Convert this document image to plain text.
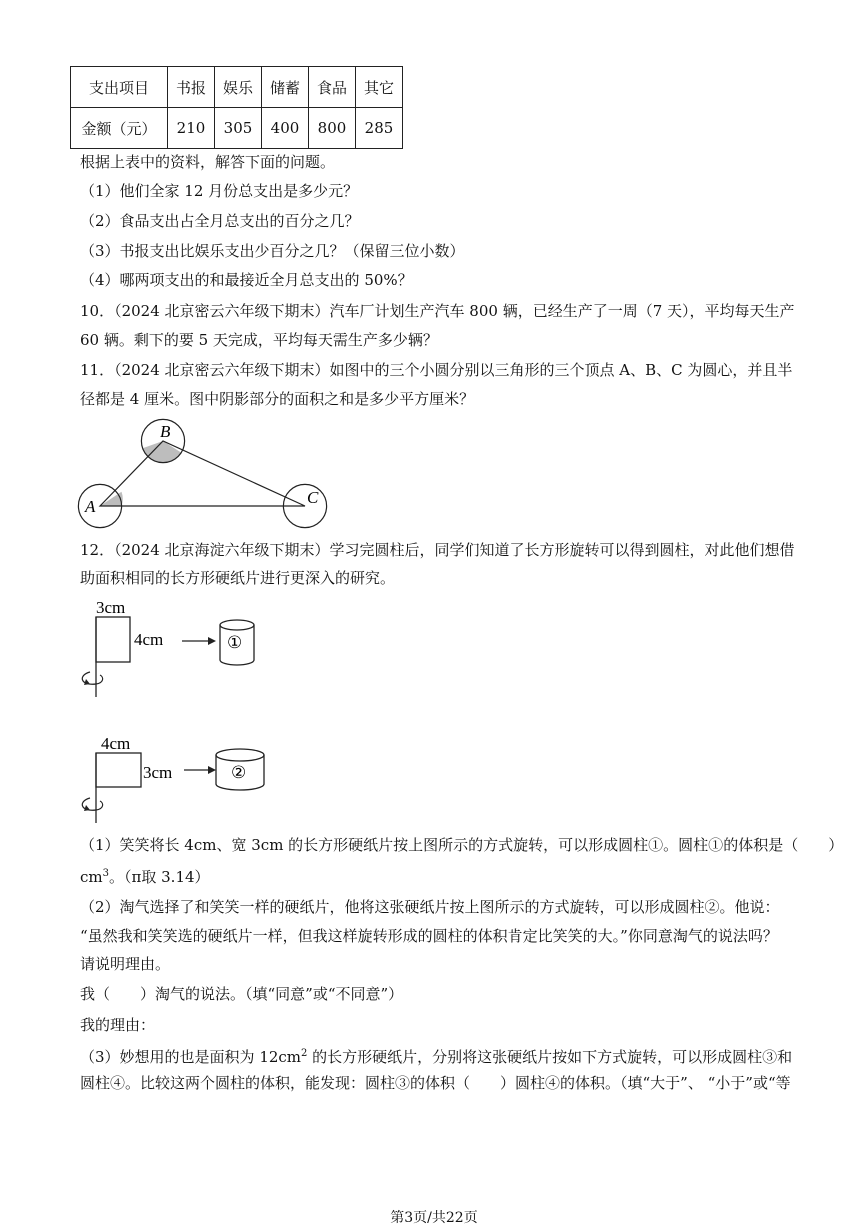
支出项目	书报	娱乐	储蓄	食品	其它
金额（元）	210	305	400	800	285
根据上表中的资料，解答下面的问题。
（1）他们全家 12 月份总支出是多少元？
（2）食品支出占全月总支出的百分之几？
（3）书报支出比娱乐支出少百分之几？（保留三位小数）
（4）哪两项支出的和最接近全月总支出的 50%？
10．（2024 北京密云六年级下期末）汽车厂计划生产汽车 800 辆，已经生产了一周（7 天），平均每天生产
60 辆。剩下的要 5 天完成，平均每天需生产多少辆？
11．（2024 北京密云六年级下期末）如图中的三个小圆分别以三角形的三个顶点 A、B、C 为圆心，并且半
径都是 4 厘米。图中阴影部分的面积之和是多少平方厘米？
A
B
C
12．（2024 北京海淀六年级下期末）学习完圆柱后，同学们知道了长方形旋转可以得到圆柱，对此他们想借
助面积相同的长方形硬纸片进行更深入的研究。
3cm
4cm	①
4cm
3cm	②
（1）笑笑将长 4cm、宽 3cm 的长方形硬纸片按上图所示的方式旋转，可以形成圆柱①。圆柱①的体积是（　　）
$cm^3$。（π取 3.14）
（2）淘气选择了和笑笑一样的硬纸片，他将这张硬纸片按上图所示的方式旋转，可以形成圆柱②。他说：
“虽然我和笑笑选的硬纸片一样，但我这样旋转形成的圆柱的体积肯定比笑笑的大。”你同意淘气的说法吗？
请说明理由。
我（　　）淘气的说法。（填“同意”或“不同意”）
我的理由：
（3）妙想用的也是面积为 $12cm^2$ 的长方形硬纸片，分别将这张硬纸片按如下方式旋转，可以形成圆柱③和
圆柱④。比较这两个圆柱的体积，能发现：圆柱③的体积（　　）圆柱④的体积。（填“大于”、 “小于”或“等
第3页/共22页
